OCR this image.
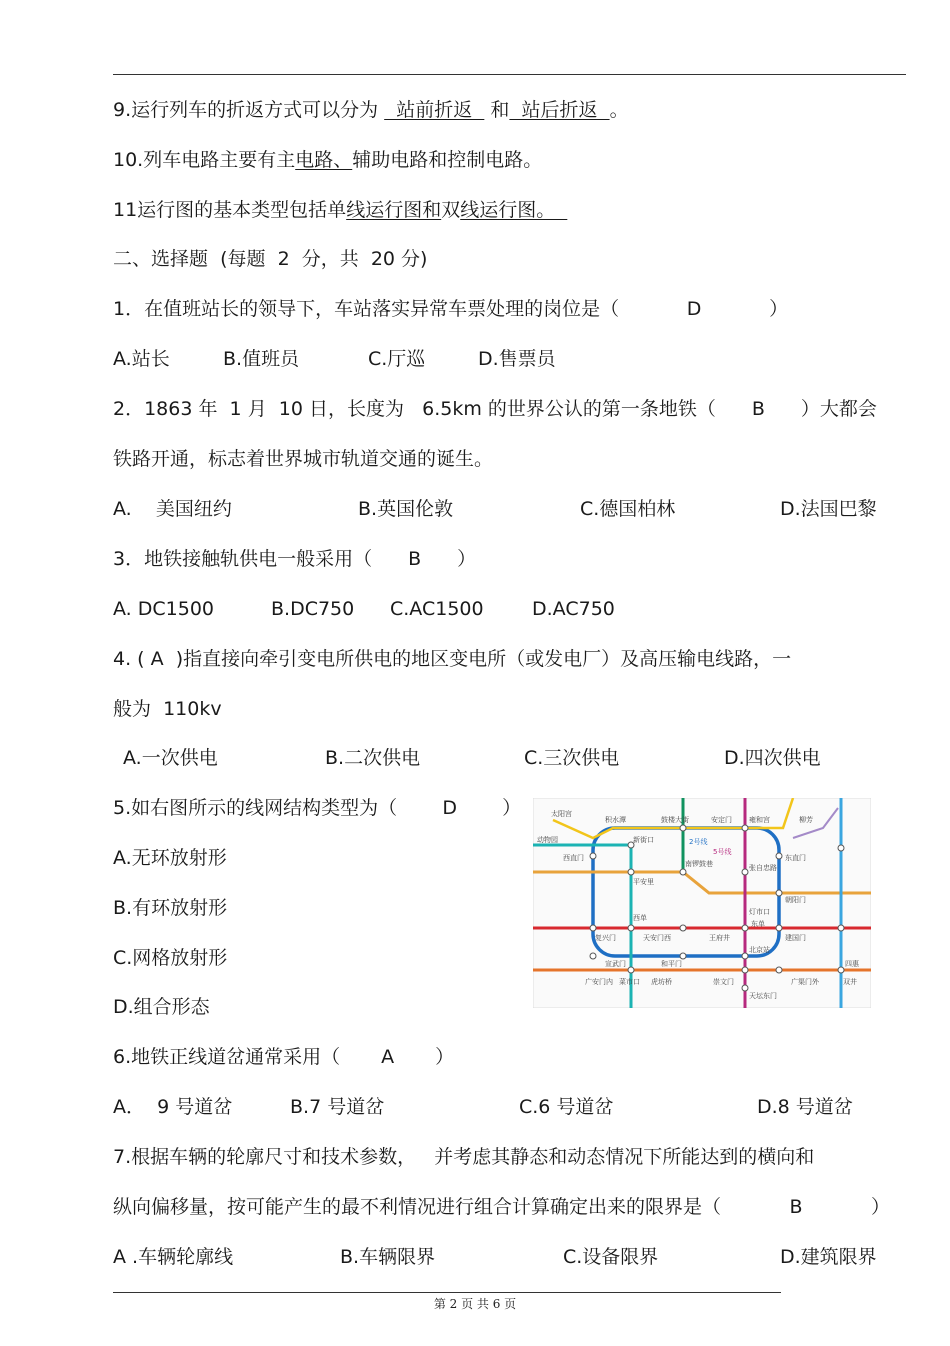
9.运行列车的折返方式可以分为   站前折返   和  站后折返  。
10.列车电路主要有主电路、辅助电路和控制电路。
11运行图的基本类型包括单线运行图和双线运行图。
二、选择题  (每题  2  分，共  20 分)
1．在值班站长的领导下，车站落实异常车票处理的岗位是（	D	）
A.站长	B.值班员	C.厅巡	D.售票员
2．1863 年  1 月  10 日，长度为   6.5km 的世界公认的第一条地铁（ B ）大都会
铁路开通，标志着世界城市轨道交通的诞生。
A.    美国纽约	B.英国伦敦	C.德国柏林	D.法国巴黎
3．地铁接触轨供电一般采用（ B ）
A. DC1500	B.DC750 C.AC1500	D.AC750
4. ( A  )指直接向牵引变电所供电的地区变电所（或发电厂）及高压输电线路，一
般为  110kv
A.一次供电	B.二次供电	C.三次供电	D.四次供电
5.如右图所示的线网结构类型为（ D ）
A.无环放射形
B.有环放射形
C.网格放射形
D.组合形态
太阳宫
积水潭	鼓楼大街	安定门 雍和宫	柳芳
动物园
西直门
新街口	2号线
5号线
东直门
平安里
南锣鼓巷	张自忠路
朝阳门
西单
灯市口
复兴门	天安门西	王府井	建国门
东单
北京站
宣武门	和平门	四惠
广安门内	虎坊桥	崇文门	广渠门外
菜市口
天坛东门
双井
6.地铁正线道岔通常采用（ A ）
A．  9 号道岔	B.7 号道岔	C.6 号道岔	D.8 号道岔
7.根据车辆的轮廓尺寸和技术参数，   并考虑其静态和动态情况下所能达到的横向和
纵向偏移量，按可能产生的最不利情况进行组合计算确定出来的限界是（	B	）
A .车辆轮廓线	B.车辆限界	C.设备限界	D.建筑限界
第 2 页 共 6 页
